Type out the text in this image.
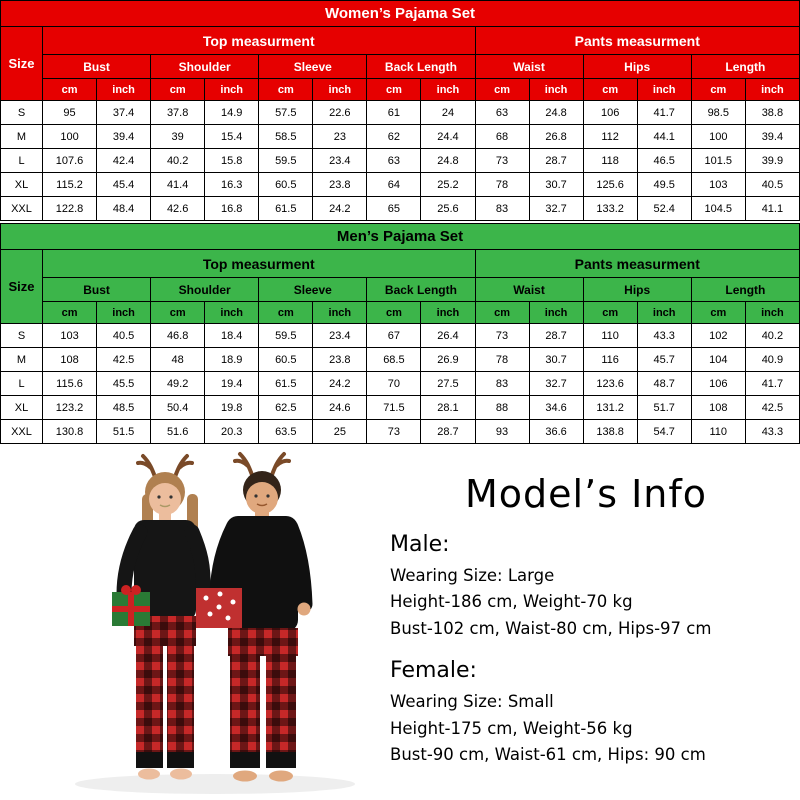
Women’s Pajama Set														
Size	Top measurment								Pants measurment					
	Bust		Shoulder		Sleeve		Back Length		Waist		Hips		Length	
	cm	inch	cm	inch	cm	inch	cm	inch	cm	inch	cm	inch	cm	inch
S	95	37.4	37.8	14.9	57.5	22.6	61	24	63	24.8	106	41.7	98.5	38.8
M	100	39.4	39	15.4	58.5	23	62	24.4	68	26.8	112	44.1	100	39.4
L	107.6	42.4	40.2	15.8	59.5	23.4	63	24.8	73	28.7	118	46.5	101.5	39.9
XL	115.2	45.4	41.4	16.3	60.5	23.8	64	25.2	78	30.7	125.6	49.5	103	40.5
XXL	122.8	48.4	42.6	16.8	61.5	24.2	65	25.6	83	32.7	133.2	52.4	104.5	41.1
Men’s Pajama Set														
Size	Top measurment								Pants measurment					
	Bust		Shoulder		Sleeve		Back Length		Waist		Hips		Length	
	cm	inch	cm	inch	cm	inch	cm	inch	cm	inch	cm	inch	cm	inch
S	103	40.5	46.8	18.4	59.5	23.4	67	26.4	73	28.7	110	43.3	102	40.2
M	108	42.5	48	18.9	60.5	23.8	68.5	26.9	78	30.7	116	45.7	104	40.9
L	115.6	45.5	49.2	19.4	61.5	24.2	70	27.5	83	32.7	123.6	48.7	106	41.7
XL	123.2	48.5	50.4	19.8	62.5	24.6	71.5	28.1	88	34.6	131.2	51.7	108	42.5
XXL	130.8	51.5	51.6	20.3	63.5	25	73	28.7	93	36.6	138.8	54.7	110	43.3
Model’s Info
Male:

Wearing Size: Large

Height-186 cm, Weight-70 kg

Bust-102 cm, Waist-80 cm, Hips-97 cm

Female:

Wearing Size: Small

Height-175 cm, Weight-56 kg

Bust-90 cm, Waist-61 cm, Hips: 90 cm
